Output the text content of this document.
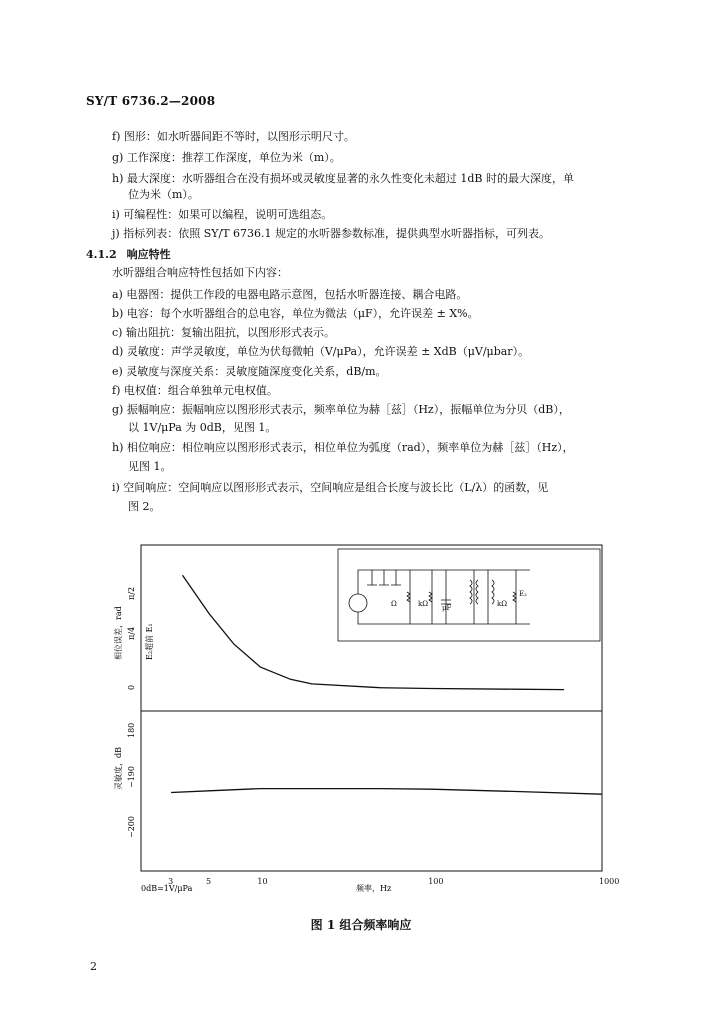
SY/T 6736.2—2008
f) 图形：如水听器间距不等时，以图形示明尺寸。
g) 工作深度：推荐工作深度，单位为米（m）。
h) 最大深度：水听器组合在没有损坏或灵敏度显著的永久性变化未超过 1dB 时的最大深度，单
位为米（m）。
i) 可编程性：如果可以编程，说明可选组态。
j) 指标列表：依照 SY/T 6736.1 规定的水听器参数标准，提供典型水听器指标，可列表。
4.1.2 响应特性
水听器组合响应特性包括如下内容：
a) 电器图：提供工作段的电器电路示意图，包括水听器连接、耦合电路。
b) 电容：每个水听器组合的总电容，单位为微法（μF），允许误差 ± X%。
c) 输出阻抗：复输出阻抗，以图形形式表示。
d) 灵敏度：声学灵敏度，单位为伏每微帕（V/μPa），允许误差 ± XdB（μV/μbar）。
e) 灵敏度与深度关系：灵敏度随深度变化关系，dB/m。
f) 电权值：组合单独单元电权值。
g) 振幅响应：振幅响应以图形形式表示，频率单位为赫［兹］（Hz），振幅单位为分贝（dB），
以 1V/μPa 为 0dB，见图 1。
h) 相位响应：相位响应以图形形式表示，相位单位为弧度（rad），频率单位为赫［兹］（Hz），
见图 1。
i) 空间响应：空间响应以图形形式表示，空间响应是组合长度与波长比（L/λ）的函数，见
图 2。
Ω	kΩ μF	kΩ
E₂
相位误差，rad	E₂超前 E₁
π/2
π/4
0
灵敏度，dB
180
−190
−200
3	5	10	100	1000
频率，Hz
0dB=1V/μPa
图 1 组合频率响应
2
